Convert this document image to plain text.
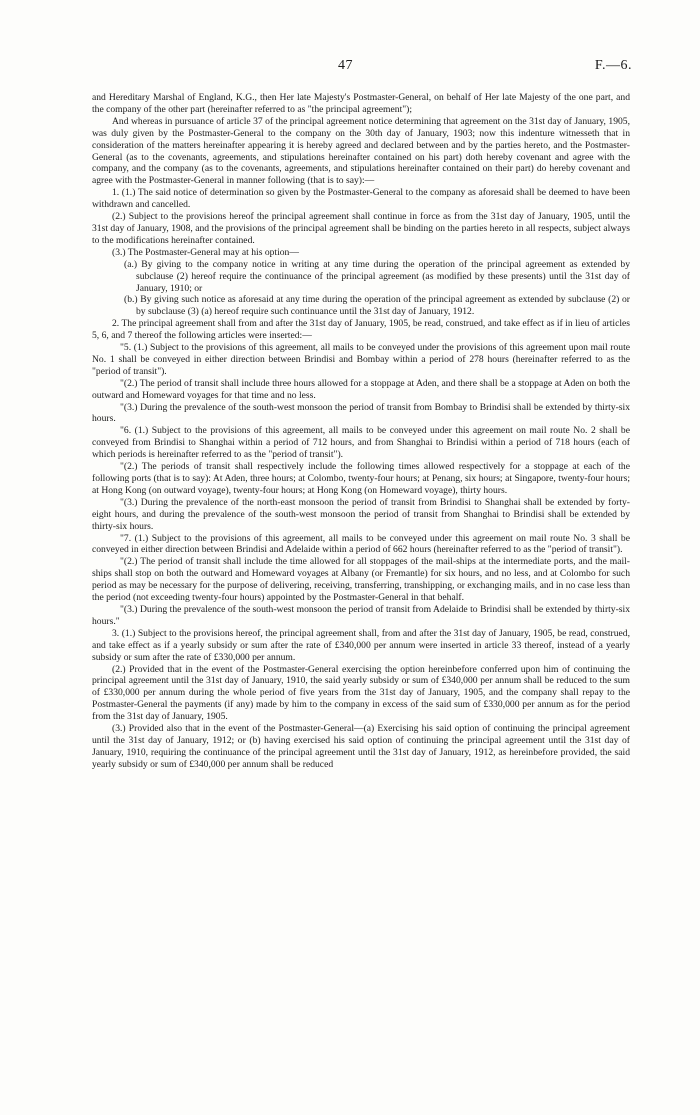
47	F.—6.

and Hereditary Marshal of England, K.G., then Her late Majesty's Postmaster-General, on behalf of Her late Majesty of the one part, and the company of the other part (hereinafter referred to as "the principal agreement");

And whereas in pursuance of article 37 of the principal agreement notice determining that agreement on the 31st day of January, 1905, was duly given by the Postmaster-General to the company on the 30th day of January, 1903; now this indenture witnesseth that in consideration of the matters hereinafter appearing it is hereby agreed and declared between and by the parties hereto, and the Postmaster-General (as to the covenants, agreements, and stipulations hereinafter contained on his part) doth hereby covenant and agree with the company, and the company (as to the covenants, agreements, and stipulations hereinafter contained on their part) do hereby covenant and agree with the Postmaster-General in manner following (that is to say):—

1. (1.) The said notice of determination so given by the Postmaster-General to the company as aforesaid shall be deemed to have been withdrawn and cancelled.

(2.) Subject to the provisions hereof the principal agreement shall continue in force as from the 31st day of January, 1905, until the 31st day of January, 1908, and the provisions of the principal agreement shall be binding on the parties hereto in all respects, subject always to the modifications hereinafter contained.

(3.) The Postmaster-General may at his option—

(a.) By giving to the company notice in writing at any time during the operation of the principal agreement as extended by subclause (2) hereof require the continuance of the principal agreement (as modified by these presents) until the 31st day of January, 1910; or

(b.) By giving such notice as aforesaid at any time during the operation of the principal agreement as extended by subclause (2) or by subclause (3) (a) hereof require such continuance until the 31st day of January, 1912.

2. The principal agreement shall from and after the 31st day of January, 1905, be read, construed, and take effect as if in lieu of articles 5, 6, and 7 thereof the following articles were inserted:—

"5. (1.) Subject to the provisions of this agreement, all mails to be conveyed under the provisions of this agreement upon mail route No. 1 shall be conveyed in either direction between Brindisi and Bombay within a period of 278 hours (hereinafter referred to as the "period of transit").

"(2.) The period of transit shall include three hours allowed for a stoppage at Aden, and there shall be a stoppage at Aden on both the outward and Homeward voyages for that time and no less.

"(3.) During the prevalence of the south-west monsoon the period of transit from Bombay to Brindisi shall be extended by thirty-six hours.

"6. (1.) Subject to the provisions of this agreement, all mails to be conveyed under this agreement on mail route No. 2 shall be conveyed from Brindisi to Shanghai within a period of 712 hours, and from Shanghai to Brindisi within a period of 718 hours (each of which periods is hereinafter referred to as the "period of transit").

"(2.) The periods of transit shall respectively include the following times allowed respectively for a stoppage at each of the following ports (that is to say): At Aden, three hours; at Colombo, twenty-four hours; at Penang, six hours; at Singapore, twenty-four hours; at Hong Kong (on outward voyage), twenty-four hours; at Hong Kong (on Homeward voyage), thirty hours.

"(3.) During the prevalence of the north-east monsoon the period of transit from Brindisi to Shanghai shall be extended by forty-eight hours, and during the prevalence of the south-west monsoon the period of transit from Shanghai to Brindisi shall be extended by thirty-six hours.

"7. (1.) Subject to the provisions of this agreement, all mails to be conveyed under this agreement on mail route No. 3 shall be conveyed in either direction between Brindisi and Adelaide within a period of 662 hours (hereinafter referred to as the "period of transit").

"(2.) The period of transit shall include the time allowed for all stoppages of the mail-ships at the intermediate ports, and the mail-ships shall stop on both the outward and Homeward voyages at Albany (or Fremantle) for six hours, and no less, and at Colombo for such period as may be necessary for the purpose of delivering, receiving, transferring, transhipping, or exchanging mails, and in no case less than the period (not exceeding twenty-four hours) appointed by the Postmaster-General in that behalf.

"(3.) During the prevalence of the south-west monsoon the period of transit from Adelaide to Brindisi shall be extended by thirty-six hours."

3. (1.) Subject to the provisions hereof, the principal agreement shall, from and after the 31st day of January, 1905, be read, construed, and take effect as if a yearly subsidy or sum after the rate of £340,000 per annum were inserted in article 33 thereof, instead of a yearly subsidy or sum after the rate of £330,000 per annum.

(2.) Provided that in the event of the Postmaster-General exercising the option hereinbefore conferred upon him of continuing the principal agreement until the 31st day of January, 1910, the said yearly subsidy or sum of £340,000 per annum shall be reduced to the sum of £330,000 per annum during the whole period of five years from the 31st day of January, 1905, and the company shall repay to the Postmaster-General the payments (if any) made by him to the company in excess of the said sum of £330,000 per annum as for the period from the 31st day of January, 1905.

(3.) Provided also that in the event of the Postmaster-General—(a) Exercising his said option of continuing the principal agreement until the 31st day of January, 1912; or (b) having exercised his said option of continuing the principal agreement until the 31st day of January, 1910, requiring the continuance of the principal agreement until the 31st day of January, 1912, as hereinbefore provided, the said yearly subsidy or sum of £340,000 per annum shall be reduced
